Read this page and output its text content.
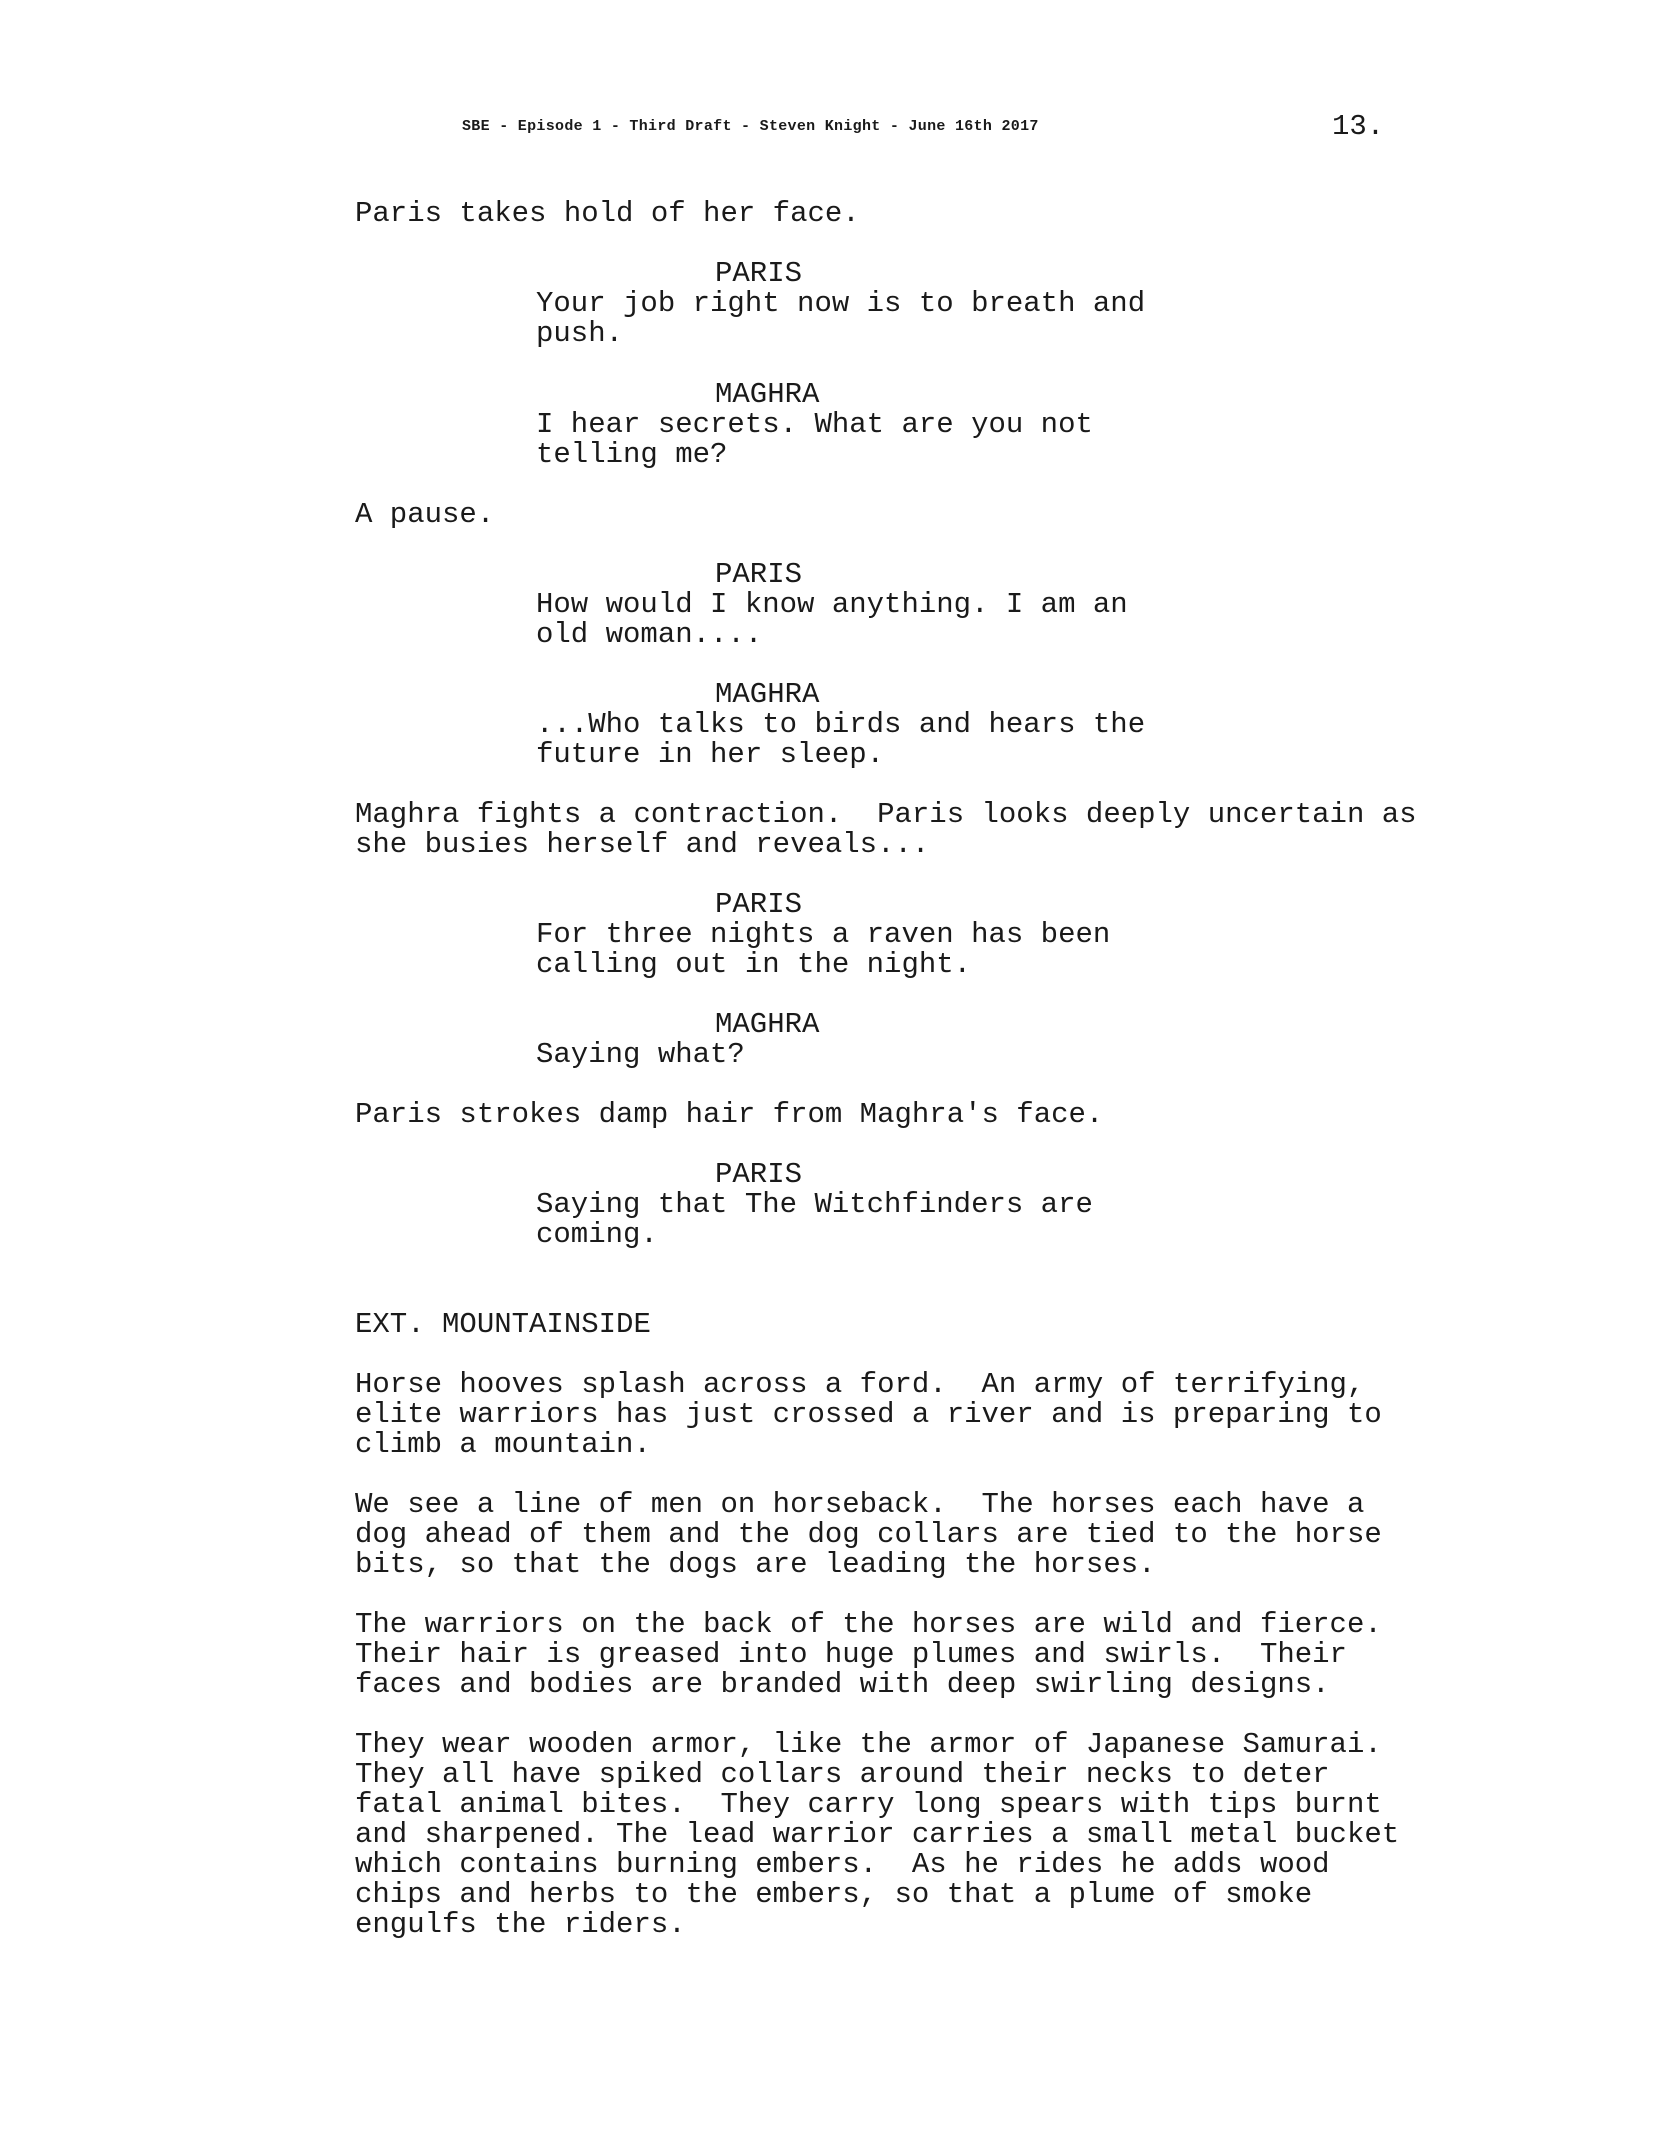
SBE - Episode 1 - Third Draft - Steven Knight - June 16th 2017	13.
Paris takes hold of her face.
PARIS
Your job right now is to breath and
push.
MAGHRA
I hear secrets. What are you not
telling me?
A pause.
PARIS
How would I know anything. I am an
old woman....
MAGHRA
...Who talks to birds and hears the
future in her sleep.
Maghra fights a contraction.  Paris looks deeply uncertain as
she busies herself and reveals...
PARIS
For three nights a raven has been
calling out in the night.
MAGHRA
Saying what?
Paris strokes damp hair from Maghra's face.
PARIS
Saying that The Witchfinders are
coming.
EXT. MOUNTAINSIDE
Horse hooves splash across a ford.  An army of terrifying,
elite warriors has just crossed a river and is preparing to
climb a mountain.
We see a line of men on horseback.  The horses each have a
dog ahead of them and the dog collars are tied to the horse
bits, so that the dogs are leading the horses.
The warriors on the back of the horses are wild and fierce.
Their hair is greased into huge plumes and swirls.  Their
faces and bodies are branded with deep swirling designs.
They wear wooden armor, like the armor of Japanese Samurai.
They all have spiked collars around their necks to deter
fatal animal bites.  They carry long spears with tips burnt
and sharpened. The lead warrior carries a small metal bucket
which contains burning embers.  As he rides he adds wood
chips and herbs to the embers, so that a plume of smoke
engulfs the riders.
